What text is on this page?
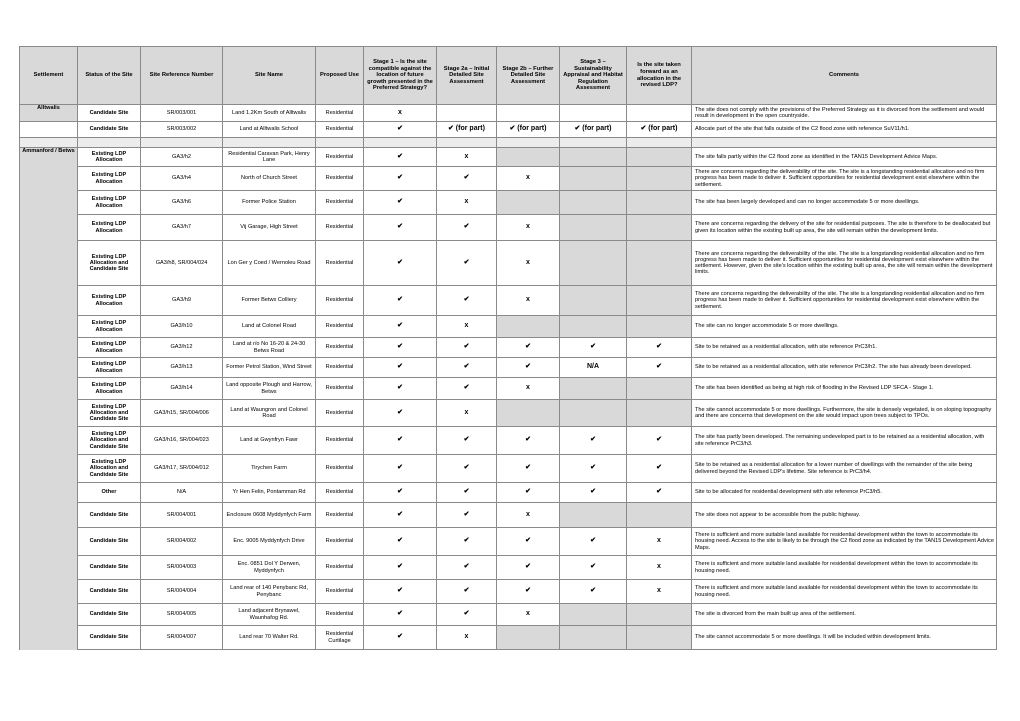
Settlement	Status of the Site	Site Reference Number	Site Name	Proposed Use	Stage 1 – Is the site compatible against the location of future growth presented in the Preferred Strategy?	Stage 2a – Initial Detailed Site Assessment	Stage 2b – Further Detailed Site Assessment	Stage 3 – Sustainability Appraisal and Habitat Regulation Assessment	Is the site taken forward as an allocation in the revised LDP?	Comments
Alltwalis	Candidate Site	SR/003/001	Land 1.2Km South of Alltwalis	Residential	x					The site does not comply with the provisions of the Preferred Strategy as it is divorced from the settlement and would result in development in the open countryside.
	Candidate Site	SR/003/002	Land at Alltwalis School	Residential	✔	✔ (for part)	✔ (for part)	✔ (for part)	✔ (for part)	Allocate part of the site that falls outside of the C2 flood zone with reference SuV11/h1.

Ammanford / Betws	Existing LDP Allocation	GA3/h2	Residential Caravan Park, Henry Lane	Residential	✔	x				The site falls partly within the C2 flood zone as identified in the TAN15 Development Advice Maps.
	Existing LDP Allocation	GA3/h4	North of Church Street	Residential	✔	✔	x			There are concerns regarding the deliverability of the site. The site is a longstanding residential allocation and no firm progress has been made to deliver it. Sufficient opportunities for residential development exist elsewhere within the settlement.
	Existing LDP Allocation	GA3/h6	Former Police Station	Residential	✔	x				The site has been largely developed and can no longer accommodate 5 or more dwellings.
	Existing LDP Allocation	GA3/h7	Vij Garage, High Street	Residential	✔	✔	x			There are concerns regarding the delivery of the site for residential purposes. The site is therefore to be deallocated but given its location within the existing built up area, the site will remain within the development limits.
	Existing LDP Allocation and Candidate Site	GA3/h8, SR/004/024	Lon Ger y Coed / Wernoleu Road	Residential	✔	✔	x			There are concerns regarding the deliverability of the site. The site is a longstanding residential allocation and no firm progress has been made to deliver it. Sufficient opportunities for residential development exist elsewhere within the settlement. However, given the site's location within the existing built up area, the site will remain within the development limits.
	Existing LDP Allocation	GA3/h9	Former Betws Colliery	Residential	✔	✔	x			There are concerns regarding the deliverability of the site. The site is a longstanding residential allocation and no firm progress has been made to deliver it. Sufficient opportunities for residential development exist elsewhere within the settlement.
	Existing LDP Allocation	GA3/h10	Land at Colonel Road	Residential	✔	x				The site can no longer accommodate 5 or more dwellings.
	Existing LDP Allocation	GA3/h12	Land at r/o No 16-20 & 24-30 Betws Road	Residential	✔	✔	✔	✔	✔	Site to be retained as a residential allocation, with site reference PrC3/h1.
	Existing LDP Allocation	GA3/h13	Former Petrol Station, Wind Street	Residential	✔	✔	✔	N/A	✔	Site to be retained as a residential allocation, with site reference PrC3/h2. The site has already been developed.
	Existing LDP Allocation	GA3/h14	Land opposite Plough and Harrow, Betws	Residential	✔	✔	x			The site has been identified as being at high risk of flooding in the Revised LDP SFCA - Stage 1.
	Existing LDP Allocation and Candidate Site	GA3/h15, SR/004/006	Land at Waungron and Colonel Road	Residential	✔	x				The site cannot accommodate 5 or more dwellings. Furthermore, the site is densely vegetated, is on sloping topography and there are concerns that development on the site would impact upon trees subject to TPOs.
	Existing LDP Allocation and Candidate Site	GA3/h16, SR/004/023	Land at Gwynfryn Fawr	Residential	✔	✔	✔	✔	✔	The site has partly been developed. The remaining undeveloped part is to be retained as a residential allocation, with site reference PrC3/h3.
	Existing LDP Allocation and Candidate Site	GA3/h17, SR/004/012	Tirychen Farm	Residential	✔	✔	✔	✔	✔	Site to be retained as a residential allocation for a lower number of dwellings with the remainder of the site being delivered beyond the Revised LDP's lifetime. Site reference is PrC3/h4.
	Other	N/A	Yr Hen Felin, Pontamman Rd	Residential	✔	✔	✔	✔	✔	Site to be allocated for residential development with site reference PrC3/h5.
	Candidate Site	SR/004/001	Enclosure 0608 Myddynfych Farm	Residential	✔	✔	x			The site does not appear to be accessible from the public highway.
	Candidate Site	SR/004/002	Enc. 9005 Myddynfych Drive	Residential	✔	✔	✔	✔	x	There is sufficient and more suitable land available for residential development within the town to accommodate its housing need. Access to the site is likely to be through the C2 flood zone as indicated by the TAN15 Development Advice Maps.
	Candidate Site	SR/004/003	Enc. 0851 Dol Y Derwen, Myddynfych	Residential	✔	✔	✔	✔	x	There is sufficient and more suitable land available for residential development within the town to accommodate its housing need.
	Candidate Site	SR/004/004	Land rear of 140 Penybanc Rd, Penybanc	Residential	✔	✔	✔	✔	x	There is sufficient and more suitable land available for residential development within the town to accommodate its housing need.
	Candidate Site	SR/004/005	Land adjacent Brynawel, Waunhafog Rd.	Residential	✔	✔	x			The site is divorced from the main built up area of the settlement.
	Candidate Site	SR/004/007	Land rear 70 Walter Rd.	Residential Curtilage	✔	x				The site cannot accommodate 5 or more dwellings. It will be included within development limits.
